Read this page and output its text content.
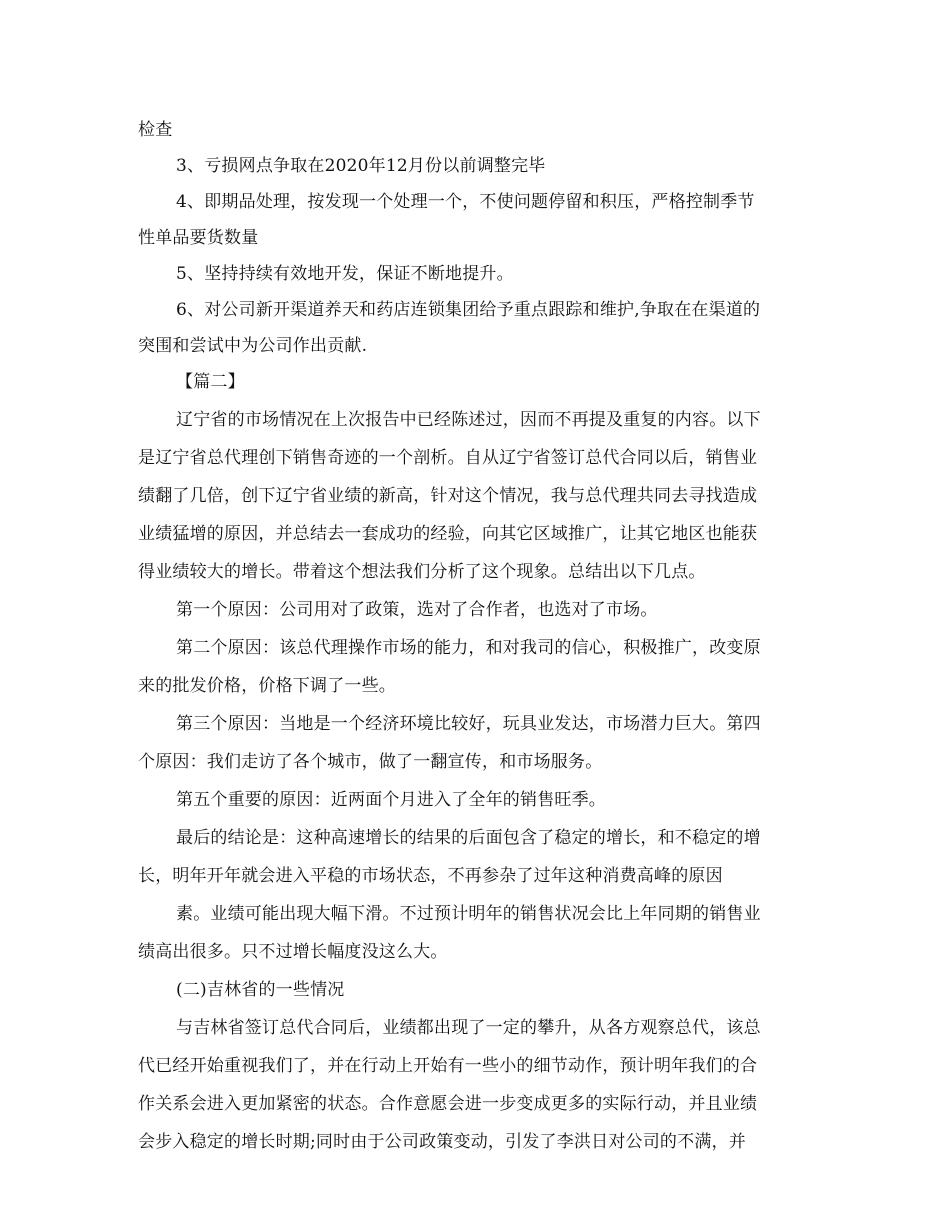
检查
3、亏损网点争取在2020年12月份以前调整完毕
4、即期品处理，按发现一个处理一个，不使问题停留和积压，严格控制季节
性单品要货数量
5、坚持持续有效地开发，保证不断地提升。
6、对公司新开渠道养天和药店连锁集团给予重点跟踪和维护,争取在在渠道的
突围和尝试中为公司作出贡献.
【篇二】
辽宁省的市场情况在上次报告中已经陈述过，因而不再提及重复的内容。以下
是辽宁省总代理创下销售奇迹的一个剖析。自从辽宁省签订总代合同以后，销售业
绩翻了几倍，创下辽宁省业绩的新高，针对这个情况，我与总代理共同去寻找造成
业绩猛增的原因，并总结去一套成功的经验，向其它区域推广，让其它地区也能获
得业绩较大的增长。带着这个想法我们分析了这个现象。总结出以下几点。
第一个原因：公司用对了政策，选对了合作者，也选对了市场。
第二个原因：该总代理操作市场的能力，和对我司的信心，积极推广，改变原
来的批发价格，价格下调了一些。
第三个原因：当地是一个经济环境比较好，玩具业发达，市场潜力巨大。第四
个原因：我们走访了各个城市，做了一翻宣传，和市场服务。
第五个重要的原因：近两面个月进入了全年的销售旺季。
最后的结论是：这种高速增长的结果的后面包含了稳定的增长，和不稳定的增
长，明年开年就会进入平稳的市场状态，不再参杂了过年这种消费高峰的原因
素。业绩可能出现大幅下滑。不过预计明年的销售状况会比上年同期的销售业
绩高出很多。只不过增长幅度没这么大。
(二)吉林省的一些情况
与吉林省签订总代合同后，业绩都出现了一定的攀升，从各方观察总代，该总
代已经开始重视我们了，并在行动上开始有一些小的细节动作，预计明年我们的合
作关系会进入更加紧密的状态。合作意愿会进一步变成更多的实际行动，并且业绩
会步入稳定的增长时期;同时由于公司政策变动，引发了李洪日对公司的不满，并
